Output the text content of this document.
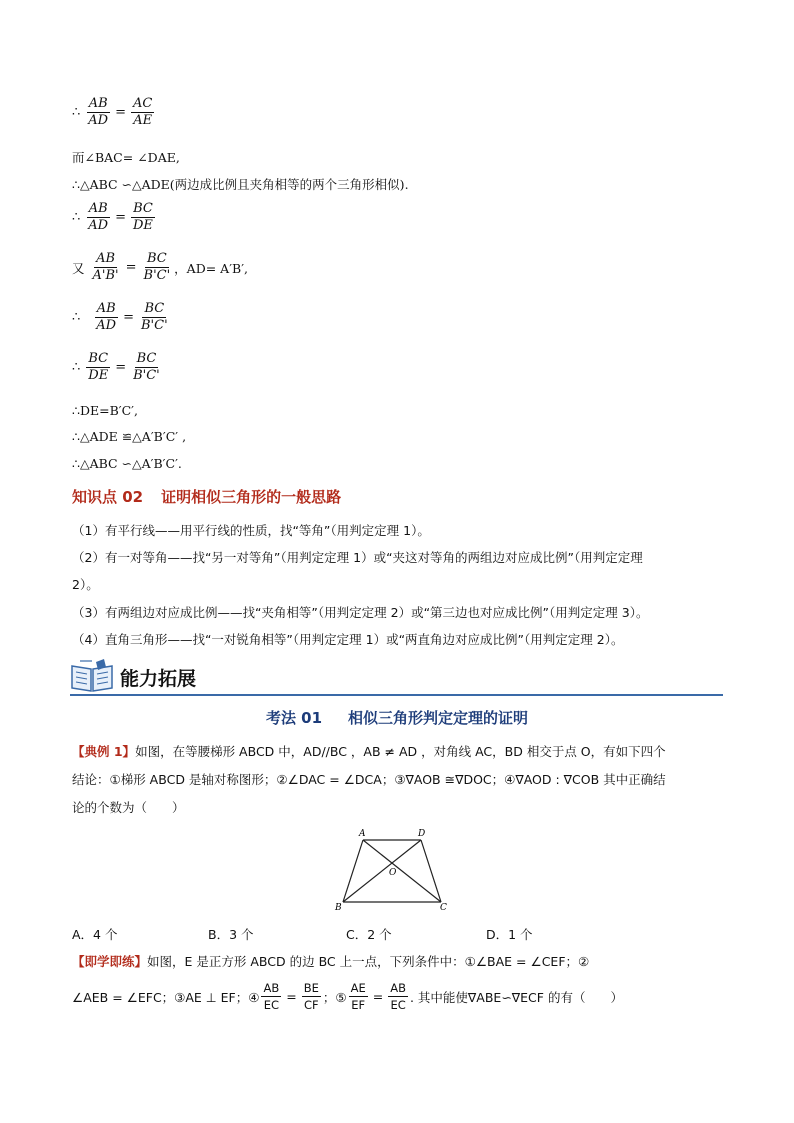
∴ $\frac{AB}{AD} = \frac{AC}{AE}$
而∠BAC= ∠DAE,
∴△ABC ∽△ADE(两边成比例且夹角相等的两个三角形相似).
∴ $\frac{AB}{AD} = \frac{BC}{DE}$
又 $\frac{AB}{A'B'} = \frac{BC}{B'C'}$ ，AD= A′B′,
∴ $\frac{AB}{AD} = \frac{BC}{B'C'}$
∴ $\frac{BC}{DE} = \frac{BC}{B'C'}$
∴DE=B′C′,
∴△ADE ≌△A′B′C′ ,
∴△ABC ∽△A′B′C′.
知识点 02 证明相似三角形的一般思路
（1）有平行线——用平行线的性质，找“等角”（用判定定理 1）。
（2）有一对等角——找“另一对等角”（用判定定理 1）或“夹这对等角的两组边对应成比例”（用判定定理
2）。
（3）有两组边对应成比例——找“夹角相等”（用判定定理 2）或“第三边也对应成比例”（用判定定理 3）。
（4）直角三角形——找“一对锐角相等”（用判定定理 1）或“两直角边对应成比例”（用判定定理 2）。
能力拓展
考法 01 相似三角形判定定理的证明
【典例 1】如图，在等腰梯形 ABCD 中，AD//BC ，AB ≠ AD ，对角线 AC，BD 相交于点 O，有如下四个
结论：①梯形 ABCD 是轴对称图形；②∠DAC = ∠DCA；③∇AOB ≅∇DOC；④∇AOD : ∇COB 其中正确结
论的个数为（　　）
A	D
B	C
O
A．4 个	B．3 个	C．2 个	D．1 个
【即学即练】如图，E 是正方形 ABCD 的边 BC 上一点，下列条件中：①∠BAE = ∠CEF；②
∠AEB = ∠EFC；③AE ⊥ EF；④ $\frac{AB}{EC} = \frac{BE}{CF}$ ；⑤ $\frac{AE}{EF} = \frac{AB}{EC}$ . 其中能使∇ABE∽∇ECF 的有（　　）
